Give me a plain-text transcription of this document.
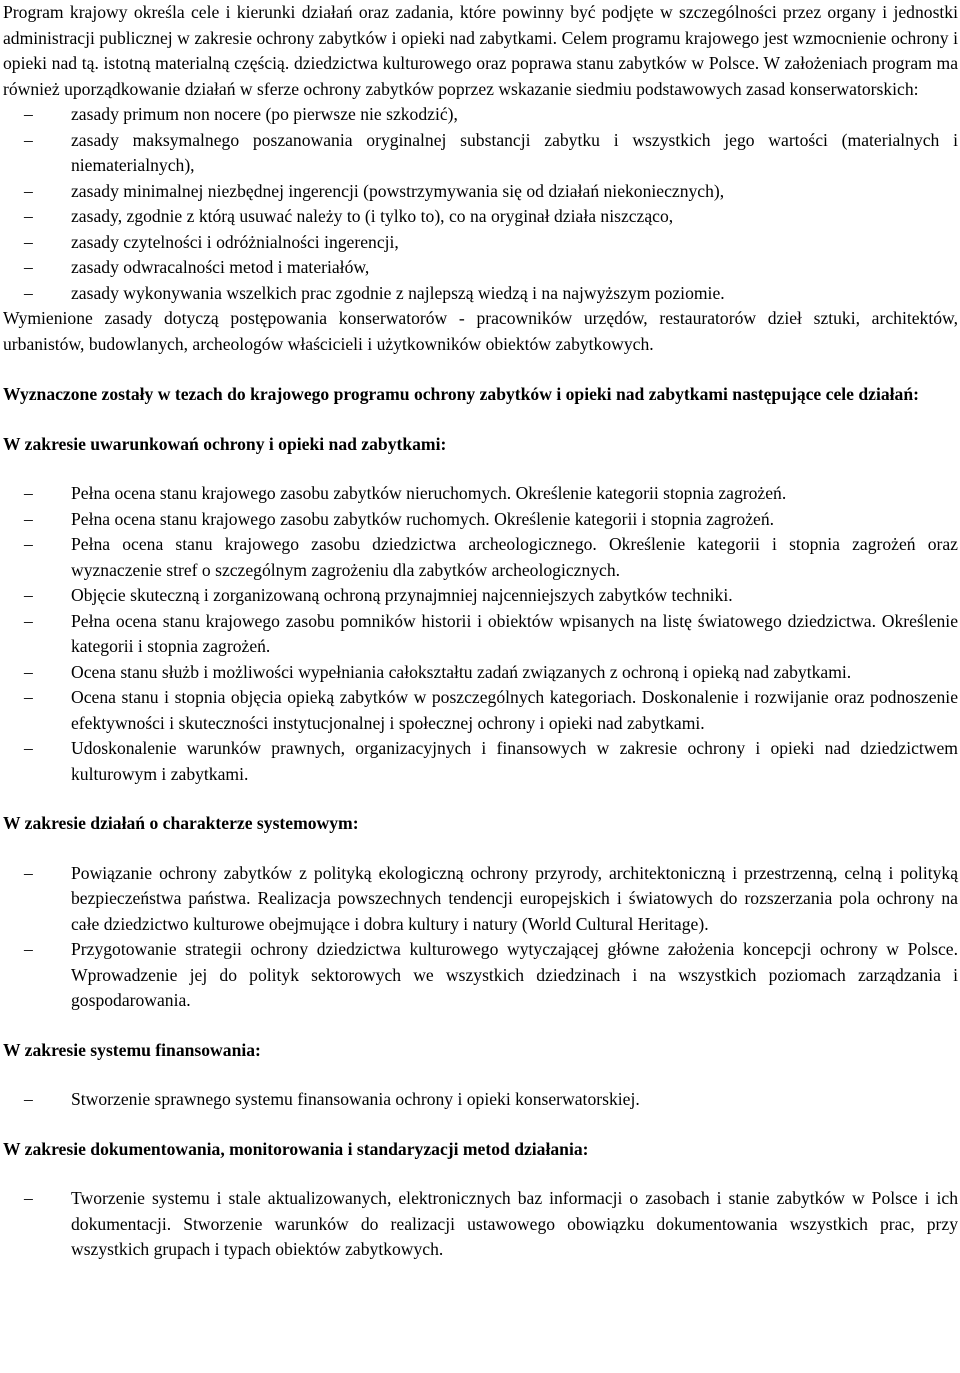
Program krajowy określa cele i kierunki działań oraz zadania, które powinny być podjęte w szczególności przez organy i jednostki administracji publicznej w zakresie ochrony zabytków i opieki nad zabytkami. Celem programu krajowego jest wzmocnienie ochrony i opieki nad tą. istotną materialną częścią. dziedzictwa kulturowego oraz poprawa stanu zabytków w Polsce. W założeniach program ma również uporządkowanie działań w sferze ochrony zabytków poprzez wskazanie siedmiu podstawowych zasad konserwatorskich:

–	zasady primum non nocere (po pierwsze nie szkodzić),
–	zasady maksymalnego poszanowania oryginalnej substancji zabytku i wszystkich jego wartości (materialnych i niematerialnych),
–	zasady minimalnej niezbędnej ingerencji (powstrzymywania się od działań niekoniecznych),
–	zasady, zgodnie z którą usuwać należy to (i tylko to), co na oryginał działa niszcząco,
–	zasady czytelności i odróżnialności ingerencji,
–	zasady odwracalności metod i materiałów,
–	zasady wykonywania wszelkich prac zgodnie z najlepszą wiedzą i na najwyższym poziomie.

Wymienione zasady dotyczą postępowania konserwatorów - pracowników urzędów, restauratorów dzieł sztuki, architektów, urbanistów, budowlanych, archeologów właścicieli i użytkowników obiektów zabytkowych.

Wyznaczone zostały w tezach do krajowego programu ochrony zabytków i opieki nad zabytkami następujące cele działań:

W zakresie uwarunkowań ochrony i opieki nad zabytkami:

–	Pełna ocena stanu krajowego zasobu zabytków nieruchomych. Określenie kategorii stopnia zagrożeń.
–	Pełna ocena stanu krajowego zasobu zabytków ruchomych. Określenie kategorii i stopnia zagrożeń.
–	Pełna ocena stanu krajowego zasobu dziedzictwa archeologicznego. Określenie kategorii i stopnia zagrożeń oraz wyznaczenie stref o szczególnym zagrożeniu dla zabytków archeologicznych.
–	Objęcie skuteczną i zorganizowaną ochroną przynajmniej najcenniejszych zabytków techniki.
–	Pełna ocena stanu krajowego zasobu pomników historii i obiektów wpisanych na listę światowego dziedzictwa. Określenie kategorii i stopnia zagrożeń.
–	Ocena stanu służb i możliwości wypełniania całokształtu zadań związanych z ochroną i opieką nad zabytkami.
–	Ocena stanu i stopnia objęcia opieką zabytków w poszczególnych kategoriach. Doskonalenie i rozwijanie oraz podnoszenie efektywności i skuteczności instytucjonalnej i społecznej ochrony i opieki nad zabytkami.
–	Udoskonalenie warunków prawnych, organizacyjnych i finansowych w zakresie ochrony i opieki nad dziedzictwem kulturowym i zabytkami.

W zakresie działań o charakterze systemowym:

–	Powiązanie ochrony zabytków z polityką ekologiczną ochrony przyrody, architektoniczną i przestrzenną, celną i polityką bezpieczeństwa państwa. Realizacja powszechnych tendencji europejskich i światowych do rozszerzania pola ochrony na całe dziedzictwo kulturowe obejmujące i dobra kultury i natury (World Cultural Heritage).
–	Przygotowanie strategii ochrony dziedzictwa kulturowego wytyczającej główne założenia koncepcji ochrony w Polsce. Wprowadzenie jej do polityk sektorowych we wszystkich dziedzinach i na wszystkich poziomach zarządzania i gospodarowania.

W zakresie systemu finansowania:

–	Stworzenie sprawnego systemu finansowania ochrony i opieki konserwatorskiej.

W zakresie dokumentowania, monitorowania i standaryzacji metod działania:

–	Tworzenie systemu i stale aktualizowanych, elektronicznych baz informacji o zasobach i stanie zabytków w Polsce i ich dokumentacji. Stworzenie warunków do realizacji ustawowego obowiązku dokumentowania wszystkich prac, przy wszystkich grupach i typach obiektów zabytkowych.
